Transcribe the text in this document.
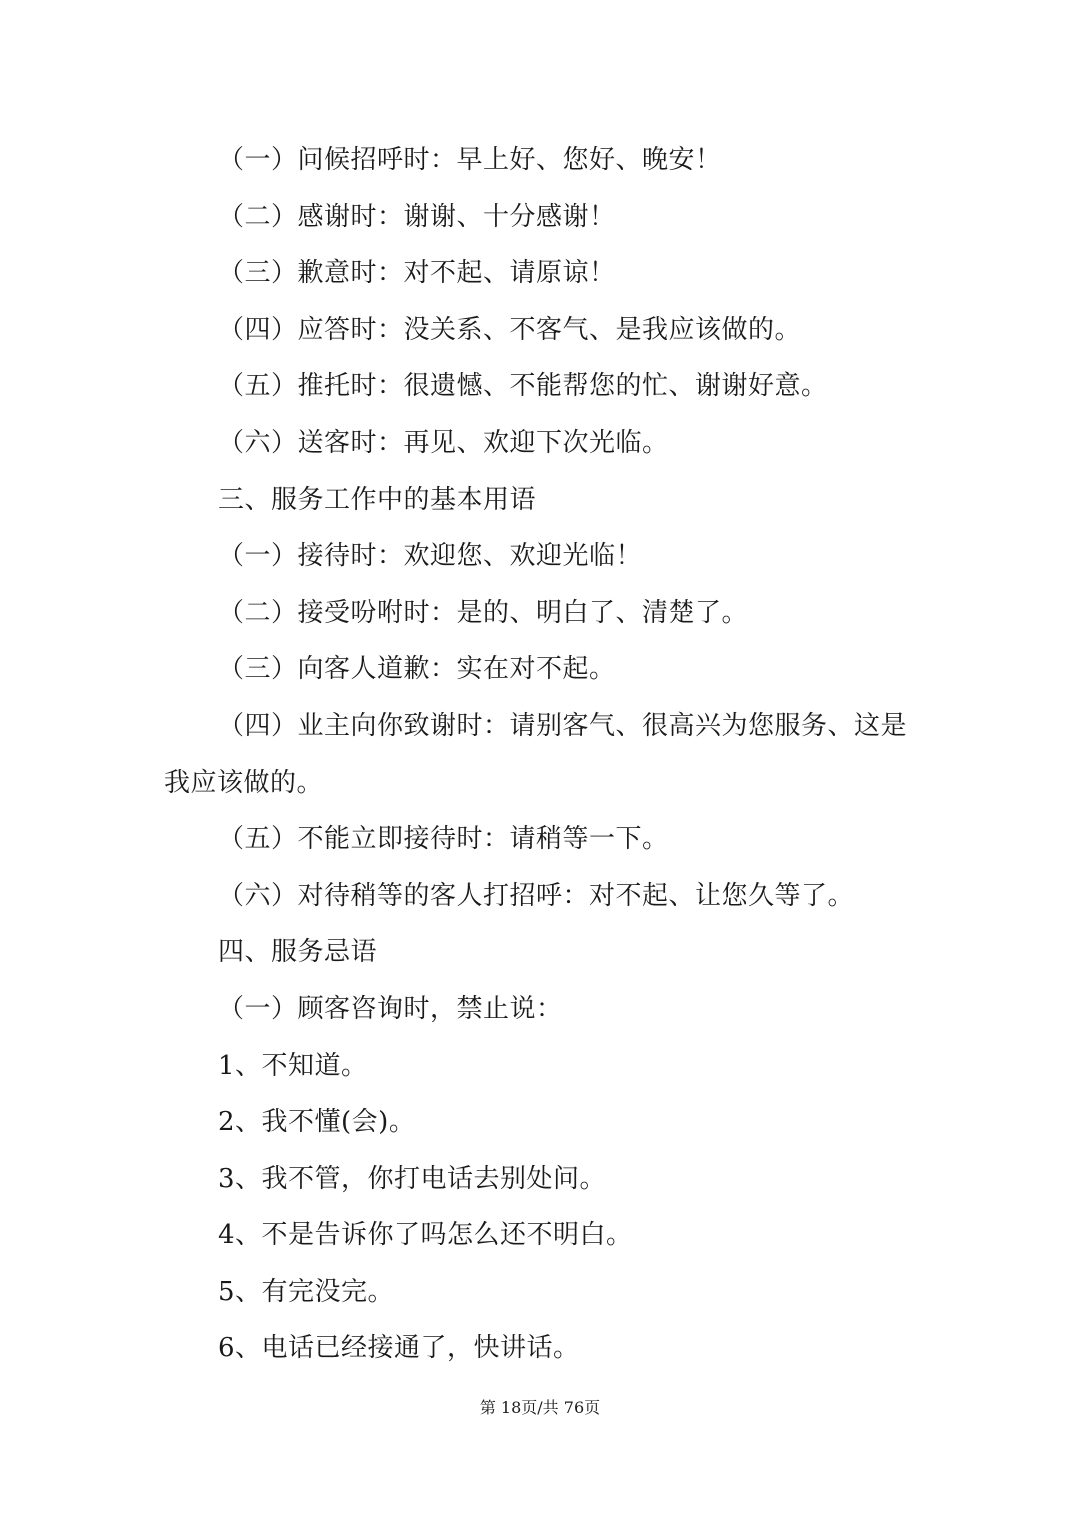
（一）问候招呼时：早上好、您好、晚安！
（二）感谢时：谢谢、十分感谢！
（三）歉意时：对不起、请原谅！
（四）应答时：没关系、不客气、是我应该做的。
（五）推托时：很遗憾、不能帮您的忙、谢谢好意。
（六）送客时：再见、欢迎下次光临。
三、服务工作中的基本用语
（一）接待时：欢迎您、欢迎光临！
（二）接受吩咐时：是的、明白了、清楚了。
（三）向客人道歉：实在对不起。
（四）业主向你致谢时：请别客气、很高兴为您服务、这是
我应该做的。
（五）不能立即接待时：请稍等一下。
（六）对待稍等的客人打招呼：对不起、让您久等了。
四、服务忌语
（一）顾客咨询时，禁止说：
1、不知道。
2、我不懂(会)。
3、我不管，你打电话去别处问。
4、不是告诉你了吗怎么还不明白。
5、有完没完。
6、电话已经接通了，快讲话。
第 18页/共 76页
